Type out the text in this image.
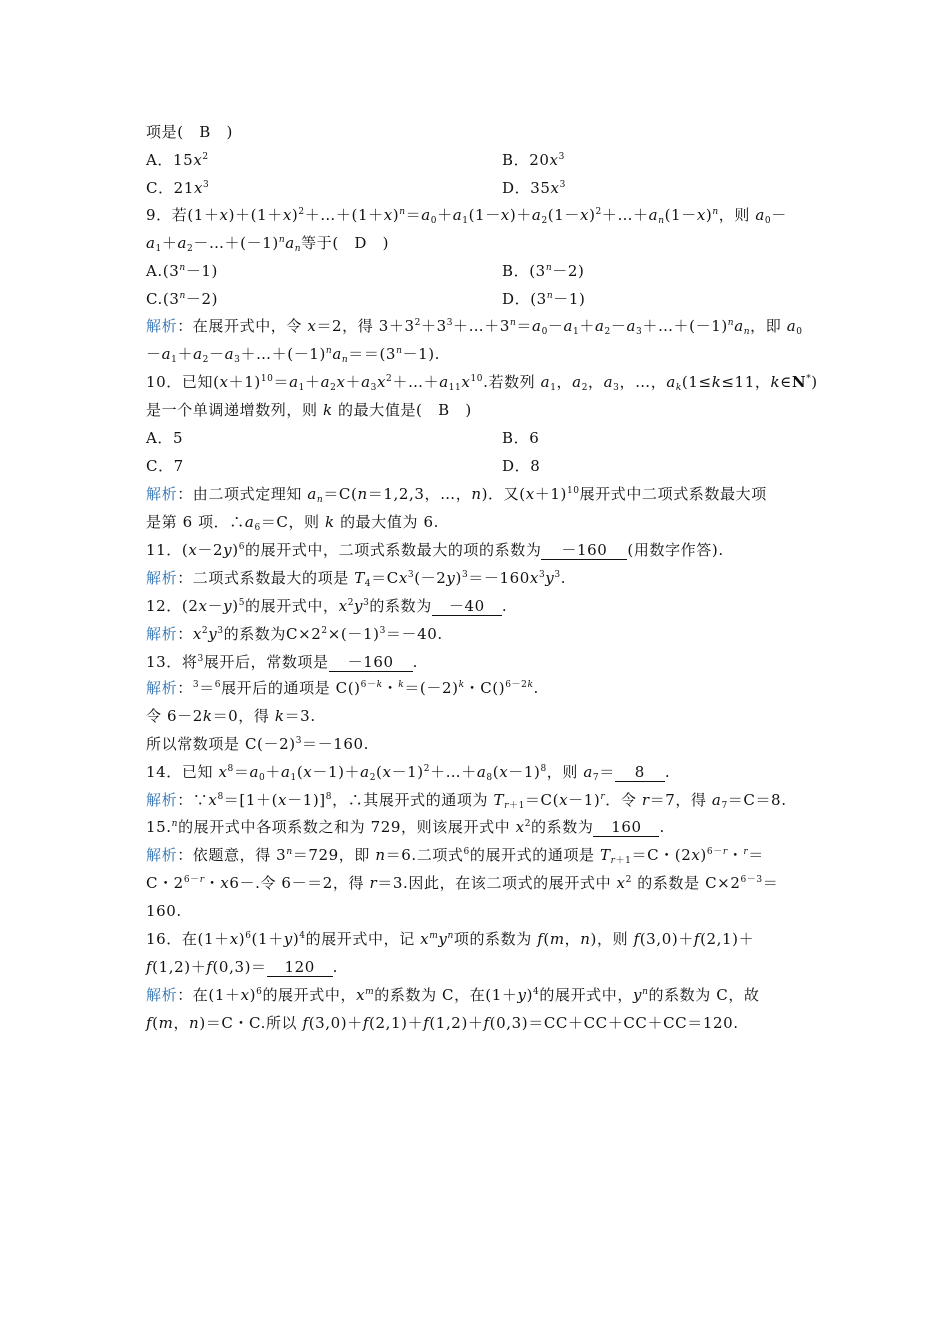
项是(　B　)
A．$15x^2$	B．$20x^3$
C．$21x^3$	D．$35x^3$
9．若$(1+x)+(1+x)^2+\dots+(1+x)^n=a_0+a_1(1-x)+a_2(1-x)^2+\dots+a_n(1-x)^n$，则 $a_0-$
$a_1+a_2-\dots+(-1)^na_n$等于(　D　)
$A.(3^n-1)$	B．$(3^n-2)$
$C.(3^n-2)$	D．$(3^n-1)$
解析：在展开式中，令 x＝2，得 $3+3^2+3^3+\dots+3^n=a_0-a_1+a_2-a_3+\dots+(-1)^na_n$，即 $a_0$
$-a_1+a_2-a_3+\dots+(-1)^na_n==(3^n-1)$.
10．已知$(x+1)^{10}=a_1+a_2x+a_3x^2+\dots+a_{11}x^{10}$.若数列 $a_1$，$a_2$，$a_3$，…，$a_k(1\le k\le 11$，k∈N*)
是一个单调递增数列，则 k 的最大值是(　B　)
A．5	B．6
C．7	D．8
解析：由二项式定理知 $a_n=C(n=1,2,3$，…，n)．又$(x+1)^{10}$展开式中二项式系数最大项
是第 6 项．$\therefore a_6=C$，则 k 的最大值为 6.
11．$(x-2y)^6$的展开式中，二项式系数最大的项的系数为 －160 (用数字作答).
解析：二项式系数最大的项是 $T_4=Cx^3(-2y)^3=-160x^3y^3$.
12．$(2x-y)^5$的展开式中，$x^2y^3$的系数为 －40 .
解析：$x^2y^3$的系数为$C\times 2^2\times(-1)^3=-40$.
13．将$^3$展开后，常数项是 －160 .
解析：$^3$＝$^6$展开后的通项是 C()$^{6-k}$・$^k=(-2)^k$・C()$^{6-2k}$.
令 6－2k＝0，得 k＝3.
所以常数项是 $C(-2)^3=-160$.
14．已知 $x^8=a_0+a_1(x-1)+a_2(x-1)^2+\dots+a_8(x-1)^8$，则 $a_7= 8$ .
解析：$\because x^8=[1+(x-1)]^8$，∴其展开式的通项为 $T_{r+1}=C(x-1)^r$．令 r＝7，得 $a_7=C=8$.
15.$^n$的展开式中各项系数之和为 729，则该展开式中 $x^2$的系数为 160 .
解析：依题意，得 $3^n=729$，即 n＝6.二项式$^6$的展开式的通项是 $T_{r+1}=C$・$(2x)^{6-r}$・$^r$＝
C・$2^{6-r}$・x6－.令 6－＝2，得 r＝3.因此，在该二项式的展开式中 $x^2$ 的系数是 $C\times 2^{6-3}=$
160.
16．在$(1+x)^6(1+y)^4$的展开式中，记 $x^my^n$项的系数为 f(m，n)，则 f(3,0)＋f(2,1)＋
f(1,2)＋f(0,3)＝ 120 .
解析：在$(1+x)^6$的展开式中，$x^m$的系数为 C，在$(1+y)^4$的展开式中，$y^n$的系数为 C，故
f(m，n)＝C・C.所以 f(3,0)＋f(2,1)＋f(1,2)＋f(0,3)＝CC＋CC＋CC＋CC＝120.
